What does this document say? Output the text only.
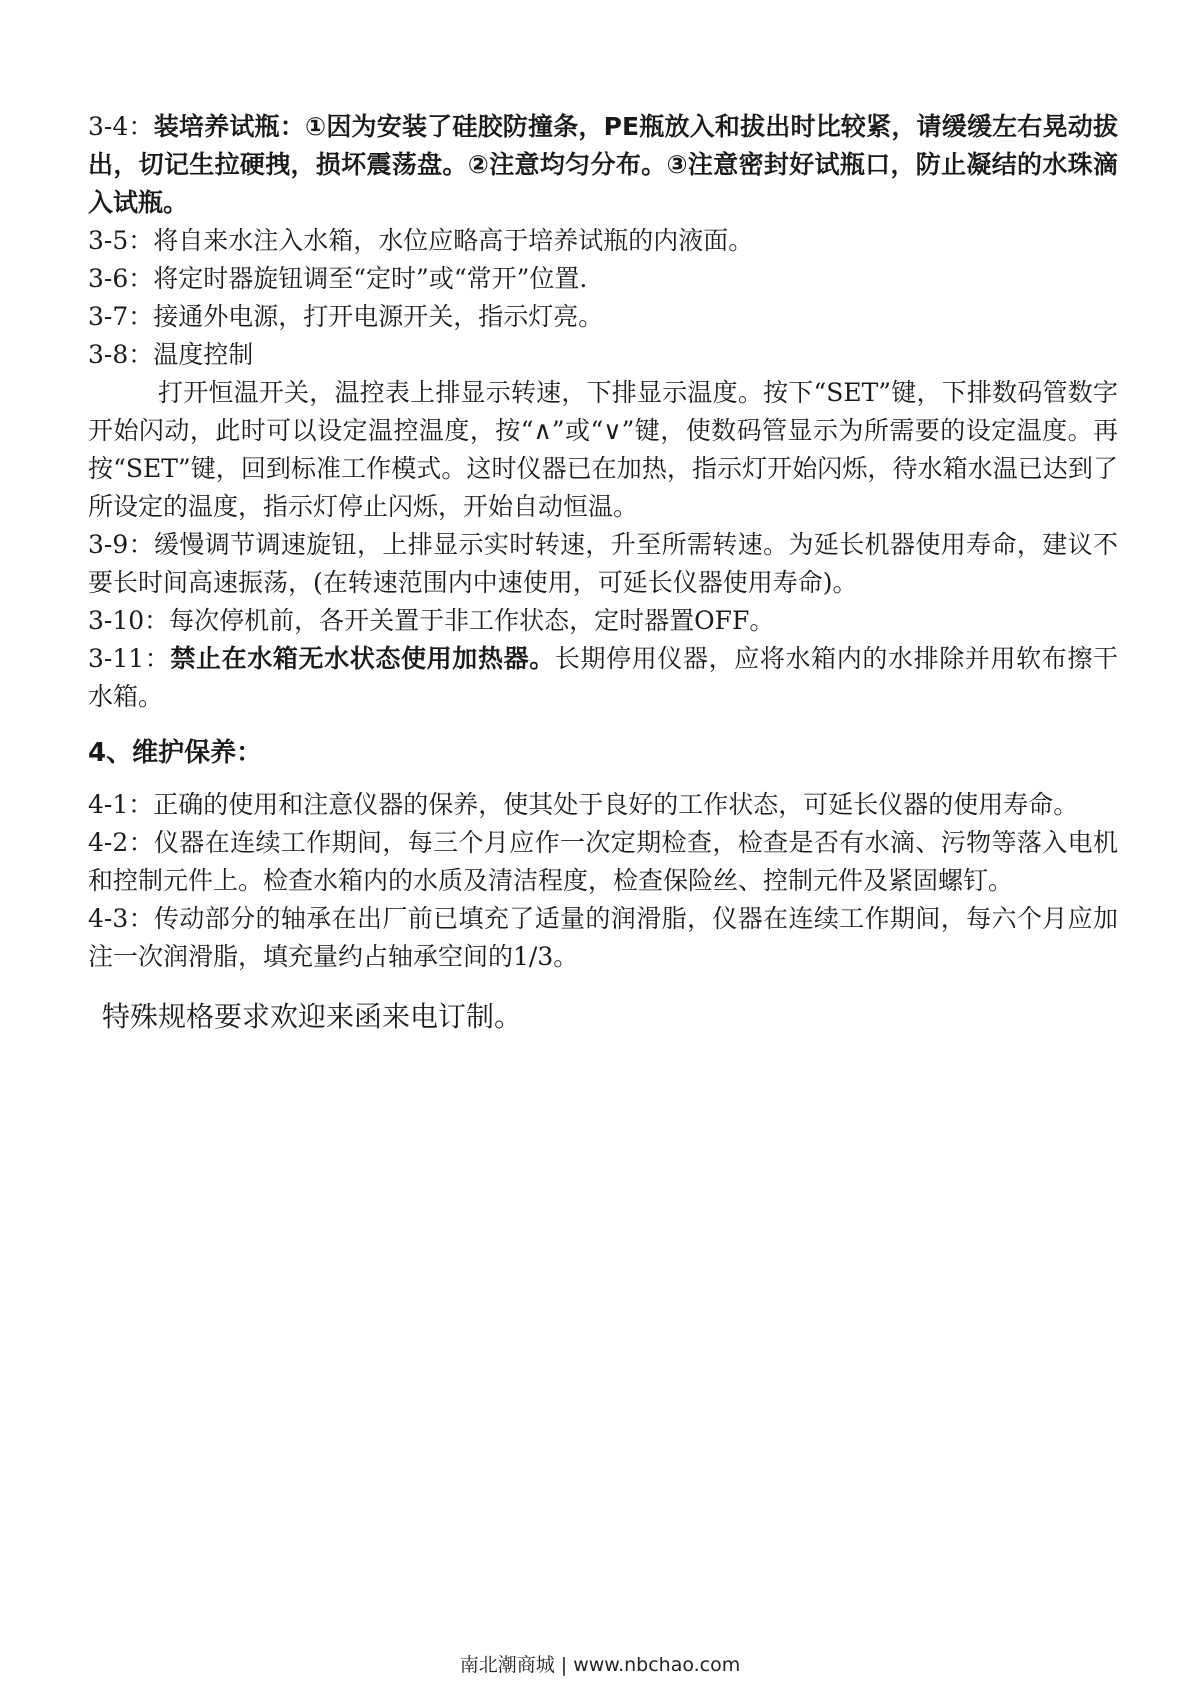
3-4：装培养试瓶：①因为安装了硅胶防撞条，PE瓶放入和拔出时比较紧，请缓缓左右晃动拔出，切记生拉硬拽，损坏震荡盘。②注意均匀分布。③注意密封好试瓶口，防止凝结的水珠滴入试瓶。

3-5：将自来水注入水箱，水位应略高于培养试瓶的内液面。

3-6：将定时器旋钮调至“定时”或“常开”位置.

3-7：接通外电源，打开电源开关，指示灯亮。

3-8：温度控制

打开恒温开关，温控表上排显示转速，下排显示温度。按下“SET”键，下排数码管数字开始闪动，此时可以设定温控温度，按“∧”或“∨”键，使数码管显示为所需要的设定温度。再按“SET”键，回到标准工作模式。这时仪器已在加热，指示灯开始闪烁，待水箱水温已达到了所设定的温度，指示灯停止闪烁，开始自动恒温。

3-9：缓慢调节调速旋钮，上排显示实时转速，升至所需转速。为延长机器使用寿命，建议不要长时间高速振荡，(在转速范围内中速使用，可延长仪器使用寿命)。

3-10：每次停机前，各开关置于非工作状态，定时器置OFF。

3-11：禁止在水箱无水状态使用加热器。长期停用仪器，应将水箱内的水排除并用软布擦干水箱。

4、维护保养：

4-1：正确的使用和注意仪器的保养，使其处于良好的工作状态，可延长仪器的使用寿命。

4-2：仪器在连续工作期间，每三个月应作一次定期检查，检查是否有水滴、污物等落入电机和控制元件上。检查水箱内的水质及清洁程度，检查保险丝、控制元件及紧固螺钉。

4-3：传动部分的轴承在出厂前已填充了适量的润滑脂，仪器在连续工作期间，每六个月应加注一次润滑脂，填充量约占轴承空间的1/3。

特殊规格要求欢迎来函来电订制。
南北潮商城 | www.nbchao.com
